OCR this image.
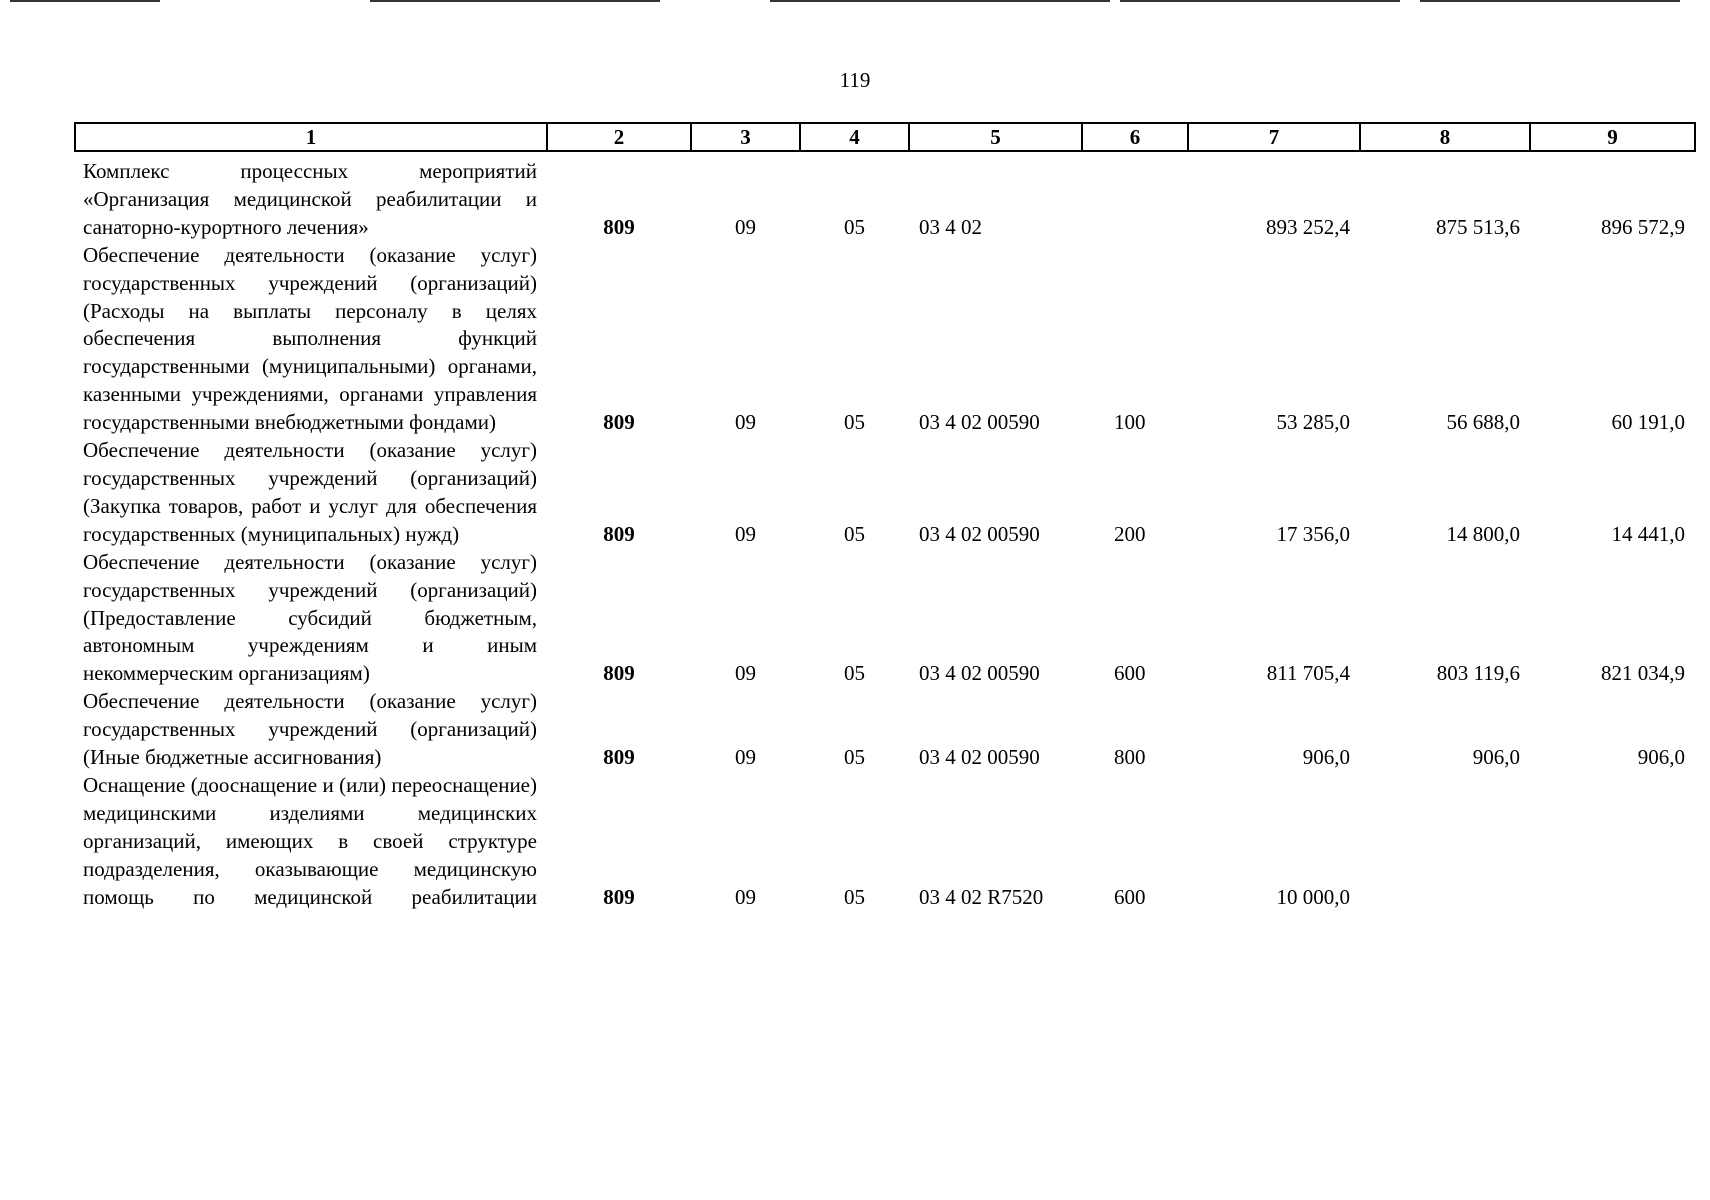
119
1	2	3	4	5	6	7	8	9
Комплекс процессных мероприятий «Организация медицинской реабилитации и санаторно-курортного лечения»	809	09	05	03 4 02		893 252,4	875 513,6	896 572,9
Обеспечение деятельности (оказание услуг) государственных учреждений (организаций) (Расходы на выплаты персоналу в целях обеспечения выполнения функций государственными (муниципальными) органами, казенными учреждениями, органами управления государственными внебюджетными фондами)	809	09	05	03 4 02 00590	100	53 285,0	56 688,0	60 191,0
Обеспечение деятельности (оказание услуг) государственных учреждений (организаций) (Закупка товаров, работ и услуг для обеспечения государственных (муниципальных) нужд)	809	09	05	03 4 02 00590	200	17 356,0	14 800,0	14 441,0
Обеспечение деятельности (оказание услуг) государственных учреждений (организаций) (Предоставление субсидий бюджетным, автономным учреждениям и иным некоммерческим организациям)	809	09	05	03 4 02 00590	600	811 705,4	803 119,6	821 034,9
Обеспечение деятельности (оказание услуг) государственных учреждений (организаций) (Иные бюджетные ассигнования)	809	09	05	03 4 02 00590	800	906,0	906,0	906,0
Оснащение (дооснащение и (или) переоснащение) медицинскими изделиями медицинских организаций, имеющих в своей структуре подразделения, оказывающие медицинскую помощь по медицинской реабилитации	809	09	05	03 4 02 R7520	600	10 000,0		
